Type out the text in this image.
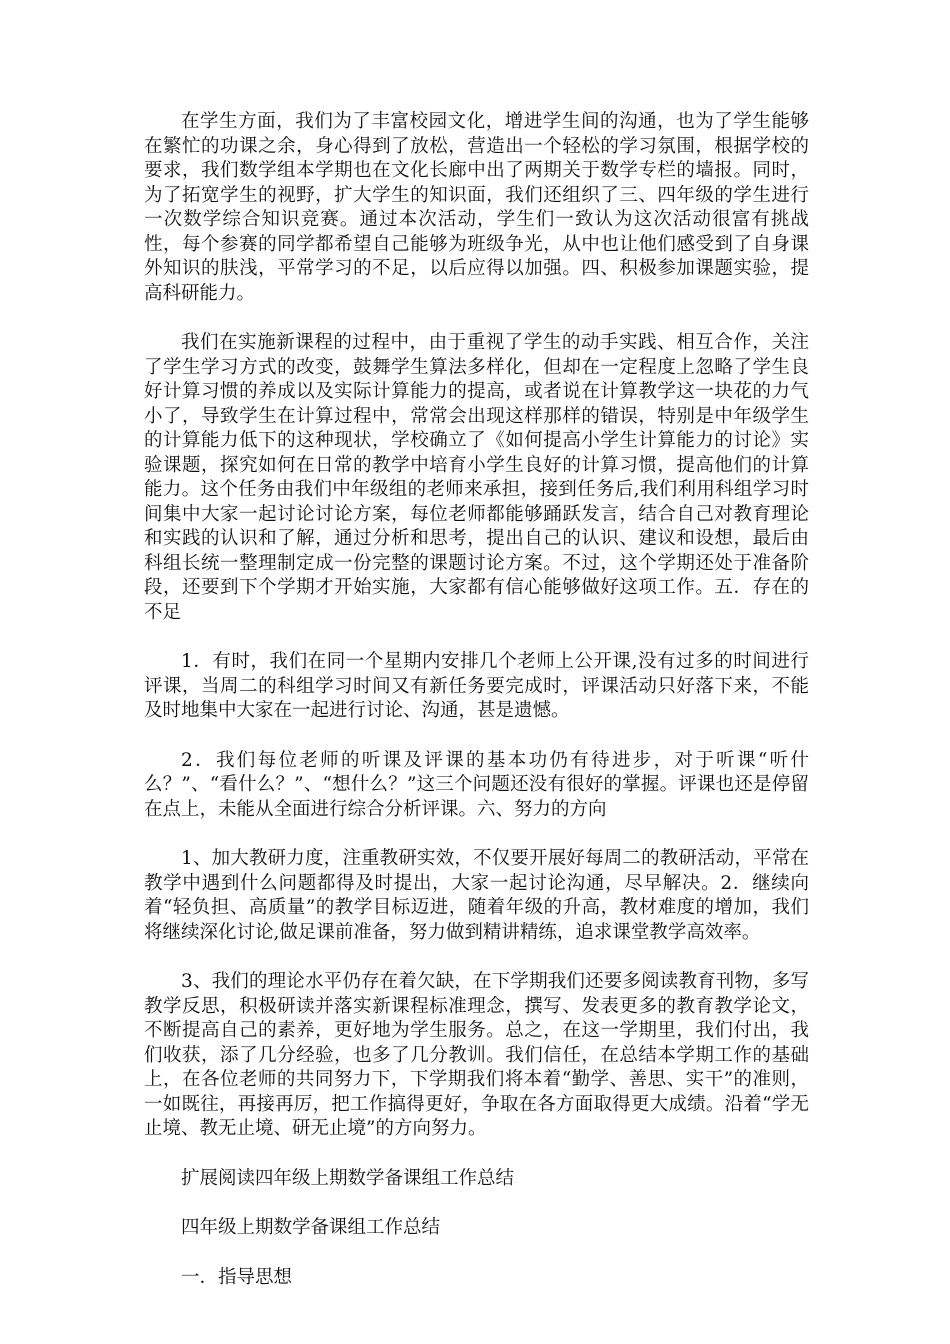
在学生方面，我们为了丰富校园文化，增进学生间的沟通，也为了学生能够在繁忙的功课之余，身心得到了放松，营造出一个轻松的学习氛围，根据学校的要求，我们数学组本学期也在文化长廊中出了两期关于数学专栏的墙报。同时，为了拓宽学生的视野，扩大学生的知识面，我们还组织了三、四年级的学生进行一次数学综合知识竞赛。通过本次活动，学生们一致认为这次活动很富有挑战性，每个参赛的同学都希望自己能够为班级争光，从中也让他们感受到了自身课外知识的肤浅，平常学习的不足，以后应得以加强。四、积极参加课题实验，提高科研能力。

我们在实施新课程的过程中，由于重视了学生的动手实践、相互合作，关注了学生学习方式的改变，鼓舞学生算法多样化，但却在一定程度上忽略了学生良好计算习惯的养成以及实际计算能力的提高，或者说在计算教学这一块花的力气小了，导致学生在计算过程中，常常会出现这样那样的错误，特别是中年级学生的计算能力低下的这种现状，学校确立了《如何提高小学生计算能力的讨论》实验课题，探究如何在日常的教学中培育小学生良好的计算习惯，提高他们的计算能力。这个任务由我们中年级组的老师来承担，接到任务后,我们利用科组学习时间集中大家一起讨论讨论方案，每位老师都能够踊跃发言，结合自己对教育理论和实践的认识和了解，通过分析和思考，提出自己的认识、建议和设想，最后由科组长统一整理制定成一份完整的课题讨论方案。不过，这个学期还处于准备阶段，还要到下个学期才开始实施，大家都有信心能够做好这项工作。五．存在的不足

1．有时，我们在同一个星期内安排几个老师上公开课,没有过多的时间进行评课，当周二的科组学习时间又有新任务要完成时，评课活动只好落下来，不能及时地集中大家在一起进行讨论、沟通，甚是遗憾。

2．我们每位老师的听课及评课的基本功仍有待进步，对于听课“听什么？”、“看什么？”、“想什么？”这三个问题还没有很好的掌握。评课也还是停留在点上，未能从全面进行综合分析评课。六、努力的方向

1、加大教研力度，注重教研实效，不仅要开展好每周二的教研活动，平常在教学中遇到什么问题都得及时提出，大家一起讨论沟通，尽早解决。2．继续向着“轻负担、高质量”的教学目标迈进，随着年级的升高，教材难度的增加，我们将继续深化讨论,做足课前准备，努力做到精讲精练，追求课堂教学高效率。

3、我们的理论水平仍存在着欠缺，在下学期我们还要多阅读教育刊物，多写教学反思，积极研读并落实新课程标准理念，撰写、发表更多的教育教学论文，不断提高自己的素养，更好地为学生服务。总之，在这一学期里，我们付出，我们收获，添了几分经验，也多了几分教训。我们信任，在总结本学期工作的基础上，在各位老师的共同努力下，下学期我们将本着“勤学、善思、实干”的准则，一如既往，再接再厉，把工作搞得更好，争取在各方面取得更大成绩。沿着“学无止境、教无止境、研无止境”的方向努力。

扩展阅读四年级上期数学备课组工作总结

四年级上期数学备课组工作总结

一．指导思想
